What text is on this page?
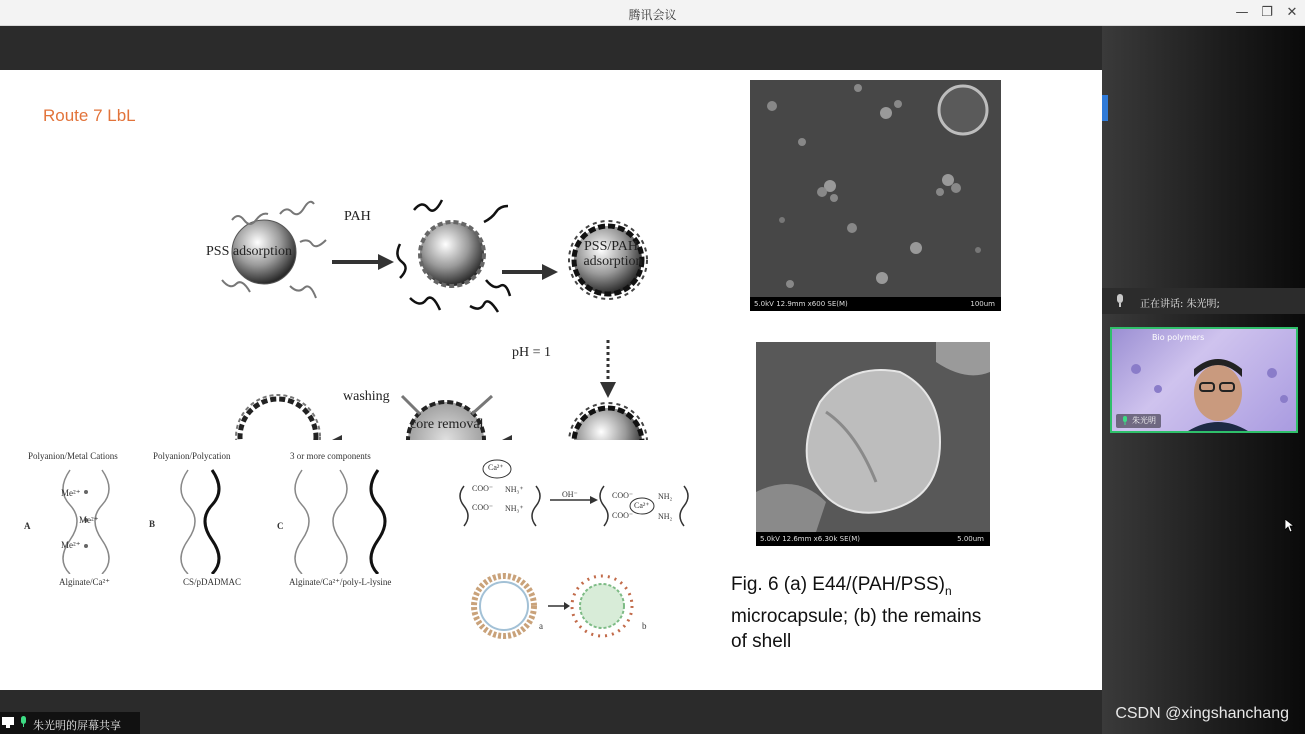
腾讯会议	— ❐	✕
Route 7 LbL
PSS adsorption
PAH
PSS/PAH
adsorption
pH = 1
core removal
washing
Polyanion/Metal Cations	Polyanion/Polycation	3 or more components
Me²⁺
Me²⁺
Me²⁺
A	B	C
Alginate/Ca²⁺	CS/pDADMAC	Alginate/Ca²⁺/poly-L-lysine
Ca²⁺
COO⁻ NH₃⁺
COO⁻ NH₃⁺
OH⁻	COO⁻
COO⁻
Ca²⁺
NH₂
NH₂
a	b
5.0kV 12.9mm x600 SE(M)	100um
5.0kV 12.6mm x6.30k SE(M)	5.00um
Fig. 6 (a) $E44/(PAH/PSS)_n$
microcapsule; (b) the remains
of shell
正在讲话: 朱光明;
Bio polymers
朱光明
朱光明的屏幕共享
CSDN @xingshanchang
